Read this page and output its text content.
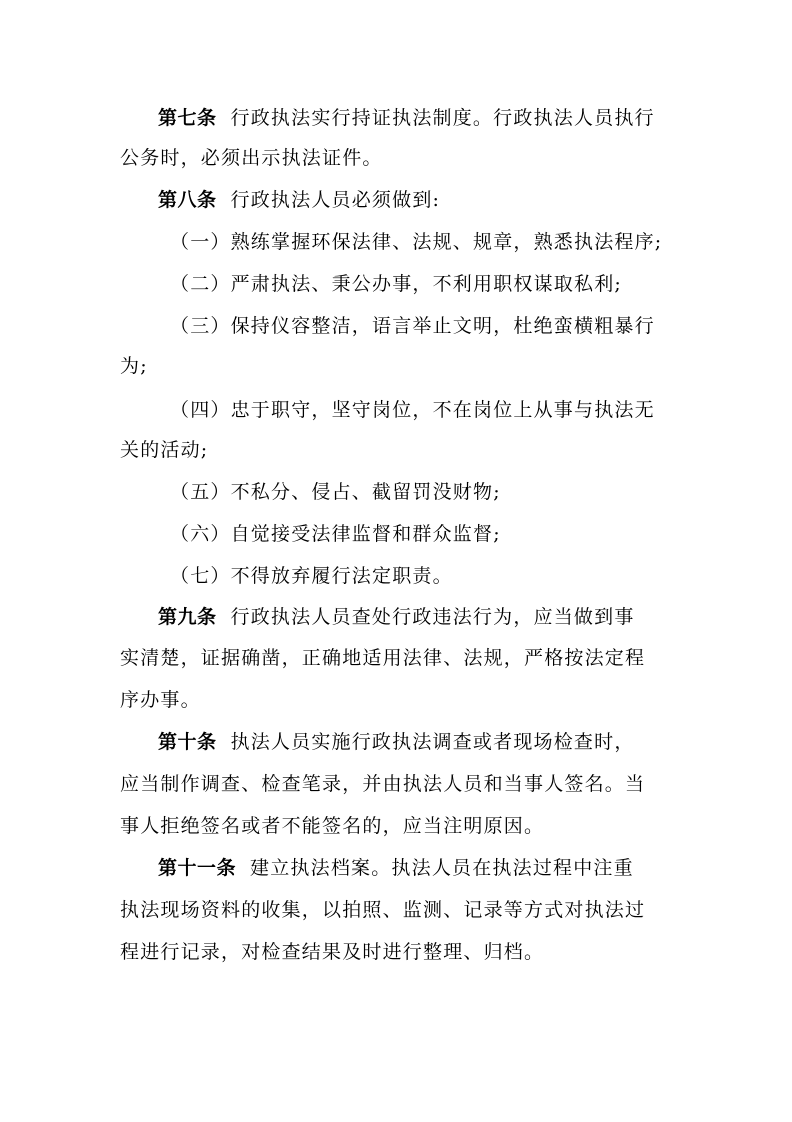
第七条 行政执法实行持证执法制度。行政执法人员执行
公务时，必须出示执法证件。
第八条 行政执法人员必须做到:
（一）熟练掌握环保法律、法规、规章，熟悉执法程序;
（二）严肃执法、秉公办事，不利用职权谋取私利;
（三）保持仪容整洁，语言举止文明，杜绝蛮横粗暴行
为;
（四）忠于职守，坚守岗位，不在岗位上从事与执法无
关的活动;
（五）不私分、侵占、截留罚没财物;
（六）自觉接受法律监督和群众监督;
（七）不得放弃履行法定职责。
第九条 行政执法人员查处行政违法行为，应当做到事
实清楚，证据确凿，正确地适用法律、法规，严格按法定程
序办事。
第十条 执法人员实施行政执法调查或者现场检查时，
应当制作调查、检查笔录，并由执法人员和当事人签名。当
事人拒绝签名或者不能签名的，应当注明原因。
第十一条 建立执法档案。执法人员在执法过程中注重
执法现场资料的收集，以拍照、监测、记录等方式对执法过
程进行记录，对检查结果及时进行整理、归档。
